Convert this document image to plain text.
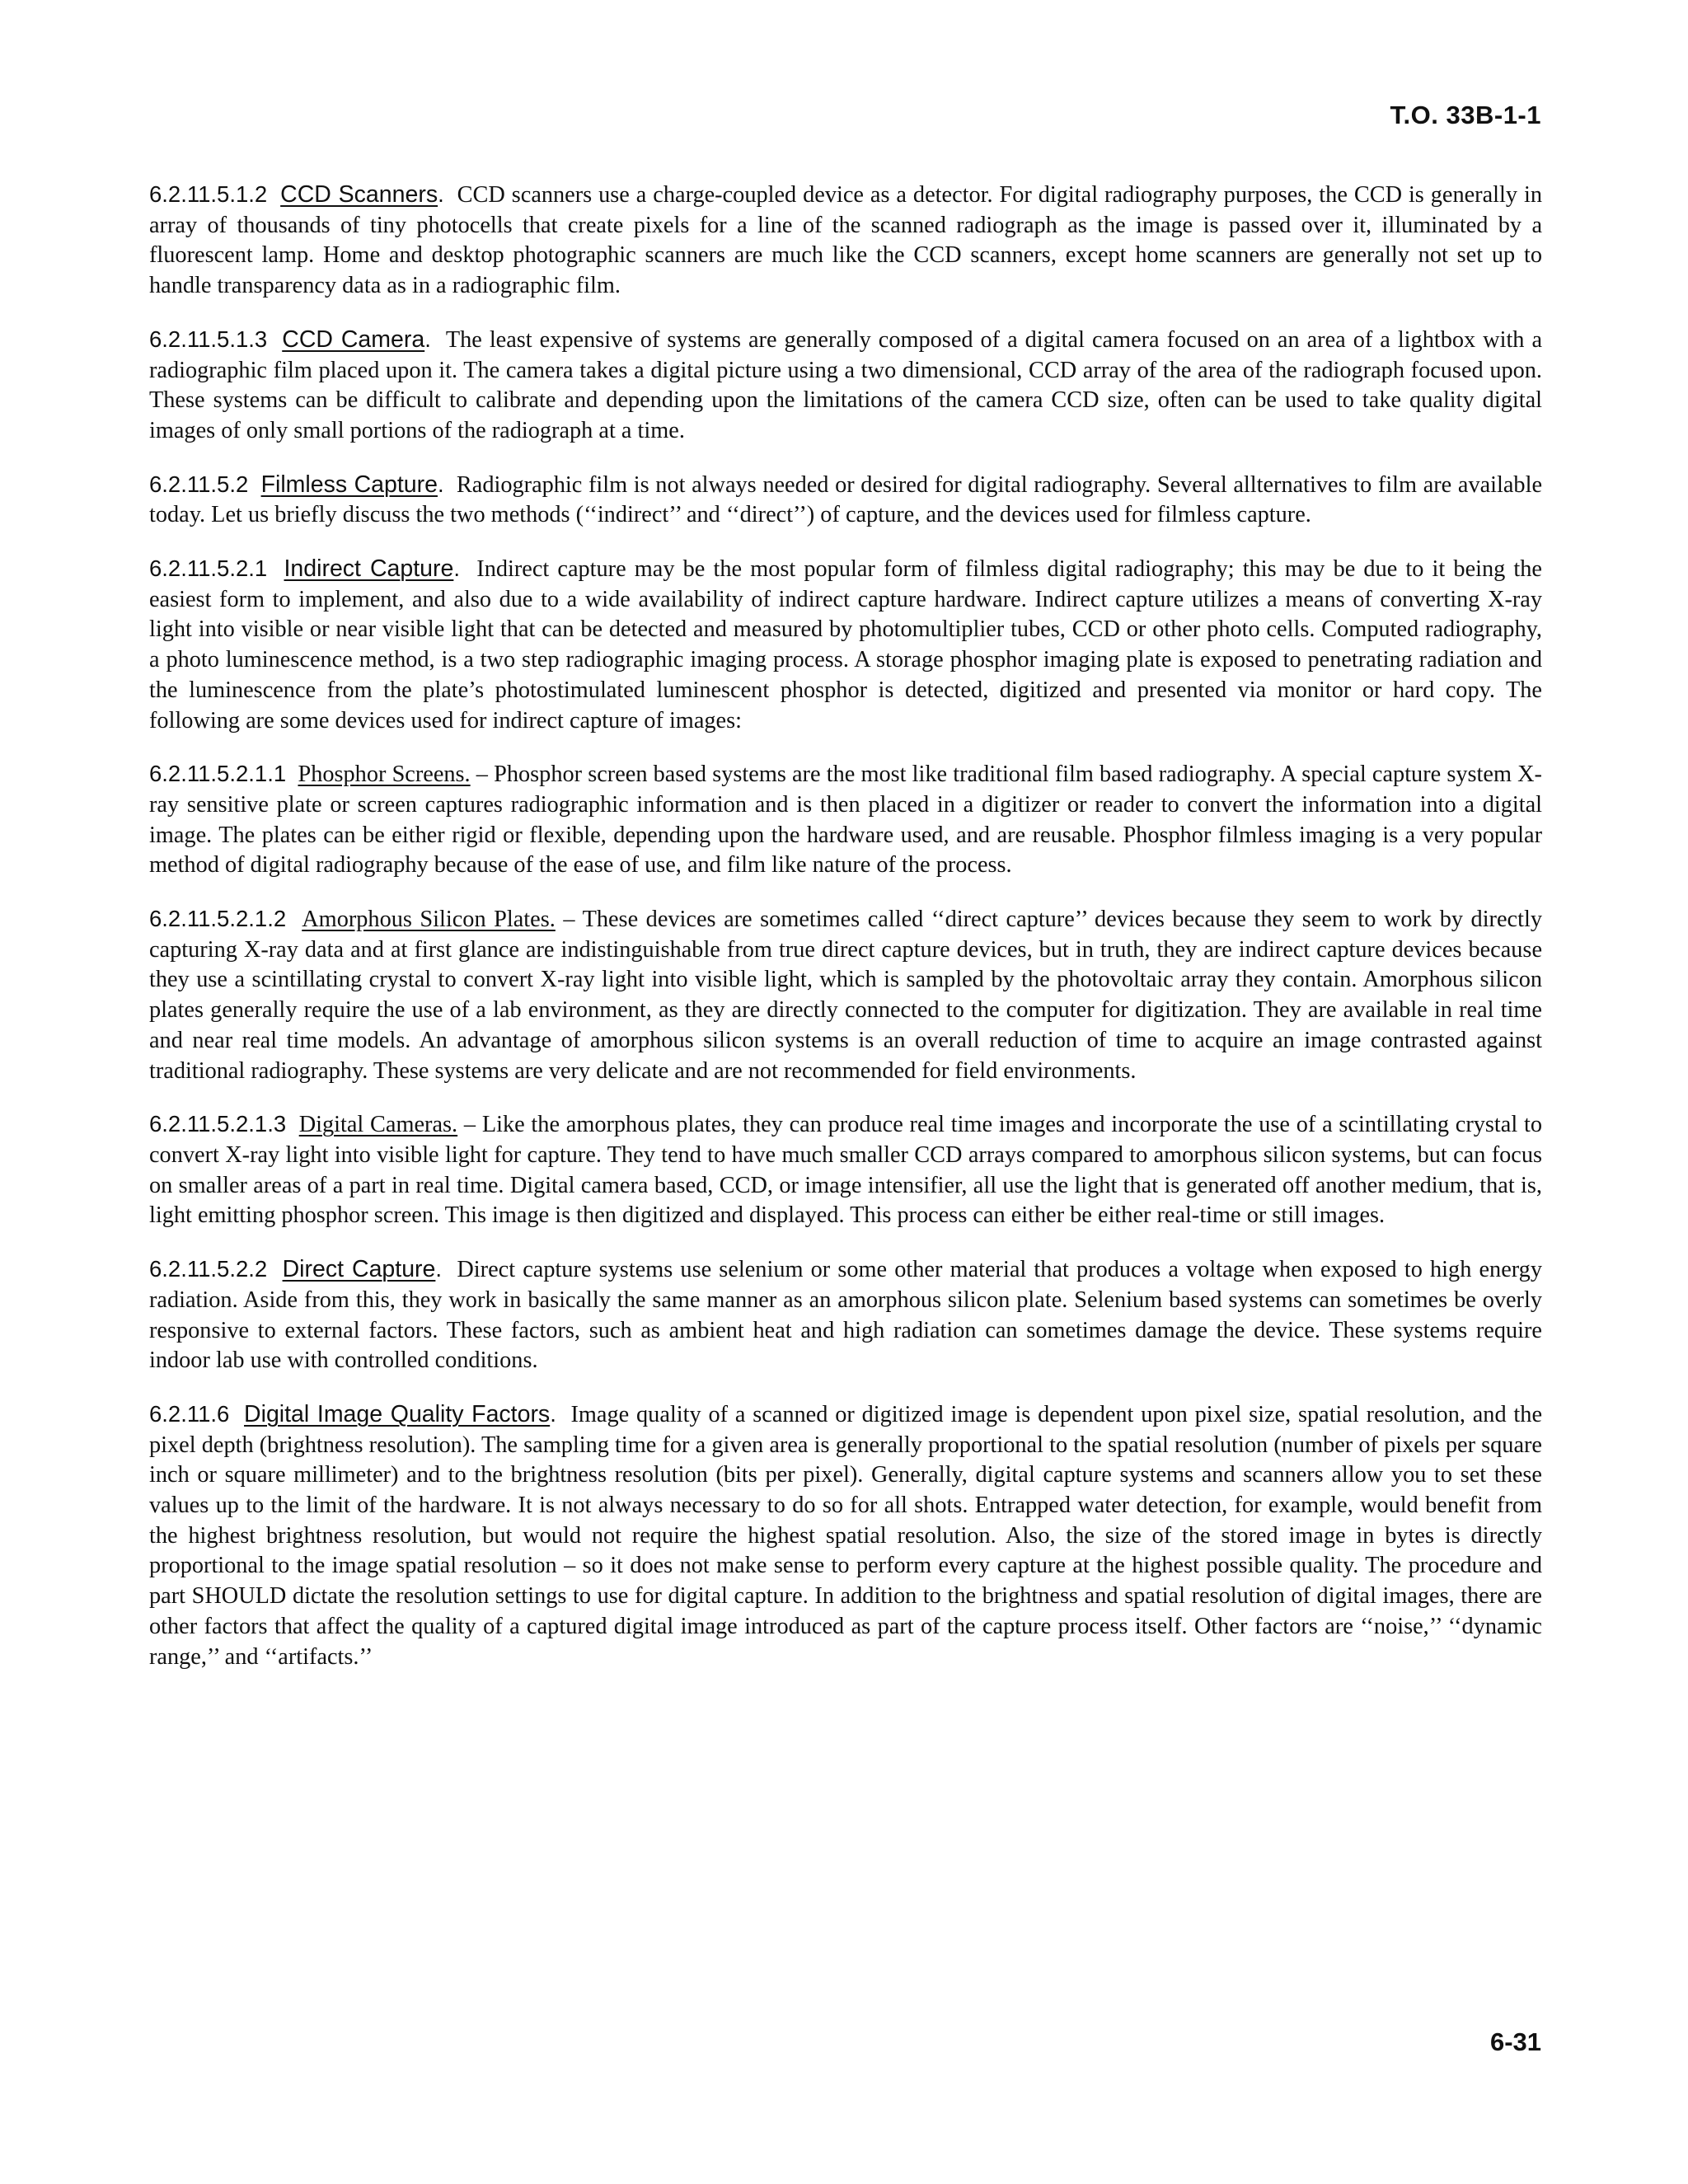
T.O. 33B-1-1

6.2.11.5.1.2 CCD Scanners. CCD scanners use a charge-coupled device as a detector. For digital radiography purposes, the CCD is generally in array of thousands of tiny photocells that create pixels for a line of the scanned radiograph as the image is passed over it, illuminated by a fluorescent lamp. Home and desktop photographic scanners are much like the CCD scanners, except home scanners are generally not set up to handle transparency data as in a radiographic film.

6.2.11.5.1.3 CCD Camera. The least expensive of systems are generally composed of a digital camera focused on an area of a lightbox with a radiographic film placed upon it. The camera takes a digital picture using a two dimensional, CCD array of the area of the radiograph focused upon. These systems can be difficult to calibrate and depending upon the limitations of the camera CCD size, often can be used to take quality digital images of only small portions of the radiograph at a time.

6.2.11.5.2 Filmless Capture. Radiographic film is not always needed or desired for digital radiography. Several allternatives to film are available today. Let us briefly discuss the two methods (‘‘indirect’’ and ‘‘direct’’) of capture, and the devices used for filmless capture.

6.2.11.5.2.1 Indirect Capture. Indirect capture may be the most popular form of filmless digital radiography; this may be due to it being the easiest form to implement, and also due to a wide availability of indirect capture hardware. Indirect capture utilizes a means of converting X-ray light into visible or near visible light that can be detected and measured by photomultiplier tubes, CCD or other photo cells. Computed radiography, a photo luminescence method, is a two step radiographic imaging process. A storage phosphor imaging plate is exposed to penetrating radiation and the luminescence from the plate’s photostimulated luminescent phosphor is detected, digitized and presented via monitor or hard copy. The following are some devices used for indirect capture of images:

6.2.11.5.2.1.1 Phosphor Screens. – Phosphor screen based systems are the most like traditional film based radiography. A special capture system X-ray sensitive plate or screen captures radiographic information and is then placed in a digitizer or reader to convert the information into a digital image. The plates can be either rigid or flexible, depending upon the hardware used, and are reusable. Phosphor filmless imaging is a very popular method of digital radiography because of the ease of use, and film like nature of the process.

6.2.11.5.2.1.2 Amorphous Silicon Plates. – These devices are sometimes called ‘‘direct capture’’ devices because they seem to work by directly capturing X-ray data and at first glance are indistinguishable from true direct capture devices, but in truth, they are indirect capture devices because they use a scintillating crystal to convert X-ray light into visible light, which is sampled by the photovoltaic array they contain. Amorphous silicon plates generally require the use of a lab environment, as they are directly connected to the computer for digitization. They are available in real time and near real time models. An advantage of amorphous silicon systems is an overall reduction of time to acquire an image contrasted against traditional radiography. These systems are very delicate and are not recommended for field environments.

6.2.11.5.2.1.3 Digital Cameras. – Like the amorphous plates, they can produce real time images and incorporate the use of a scintillating crystal to convert X-ray light into visible light for capture. They tend to have much smaller CCD arrays compared to amorphous silicon systems, but can focus on smaller areas of a part in real time. Digital camera based, CCD, or image intensifier, all use the light that is generated off another medium, that is, light emitting phosphor screen. This image is then digitized and displayed. This process can either be either real-time or still images.

6.2.11.5.2.2 Direct Capture. Direct capture systems use selenium or some other material that produces a voltage when exposed to high energy radiation. Aside from this, they work in basically the same manner as an amorphous silicon plate. Selenium based systems can sometimes be overly responsive to external factors. These factors, such as ambient heat and high radiation can sometimes damage the device. These systems require indoor lab use with controlled conditions.

6.2.11.6 Digital Image Quality Factors. Image quality of a scanned or digitized image is dependent upon pixel size, spatial resolution, and the pixel depth (brightness resolution). The sampling time for a given area is generally proportional to the spatial resolution (number of pixels per square inch or square millimeter) and to the brightness resolution (bits per pixel). Generally, digital capture systems and scanners allow you to set these values up to the limit of the hardware. It is not always necessary to do so for all shots. Entrapped water detection, for example, would benefit from the highest brightness resolution, but would not require the highest spatial resolution. Also, the size of the stored image in bytes is directly proportional to the image spatial resolution – so it does not make sense to perform every capture at the highest possible quality. The procedure and part SHOULD dictate the resolution settings to use for digital capture. In addition to the brightness and spatial resolution of digital images, there are other factors that affect the quality of a captured digital image introduced as part of the capture process itself. Other factors are ‘‘noise,’’ ‘‘dynamic range,’’ and ‘‘artifacts.’’

6-31
